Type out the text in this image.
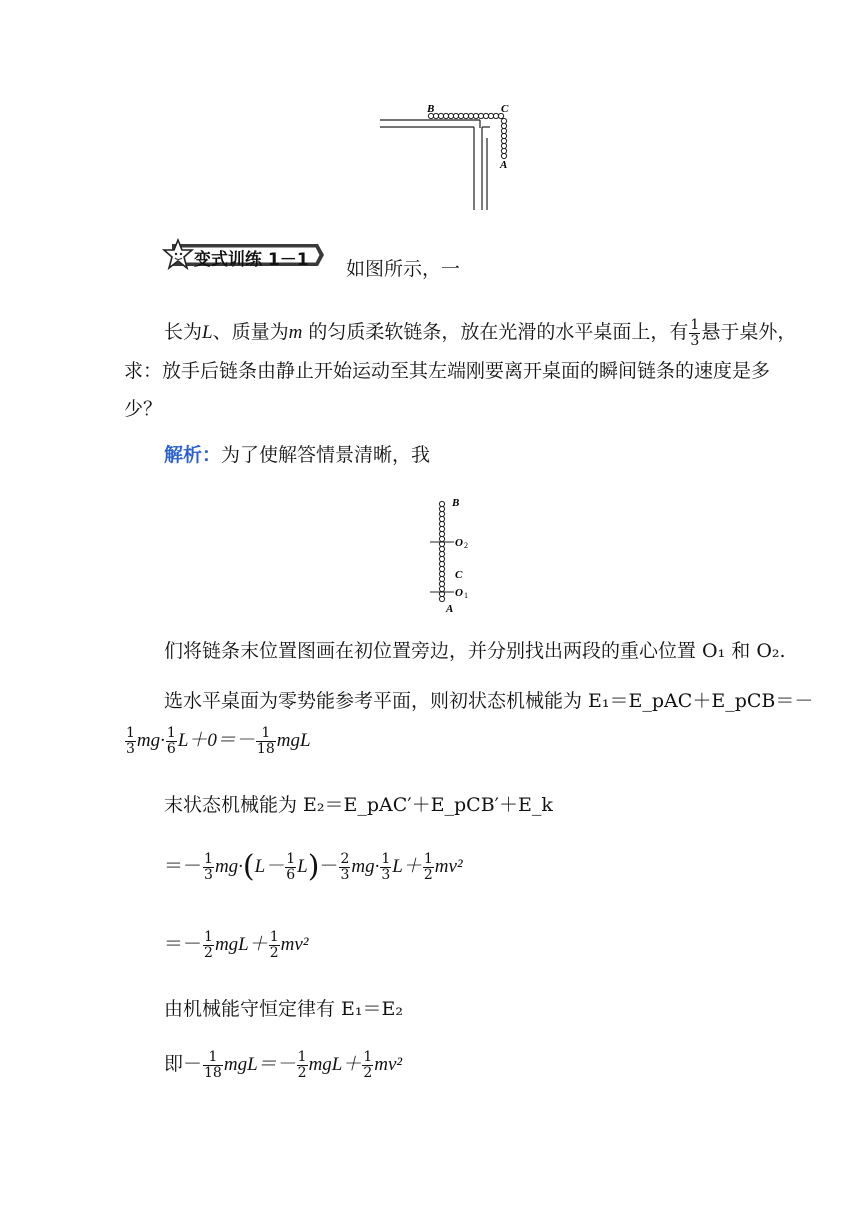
B	C
A
变式训练 1－1 如图所示，一
长为L、质量为m 的匀质柔软链条，放在光滑的水平桌面上，有 $\frac{1}{3}$ 悬于桌外，
求：放手后链条由静止开始运动至其左端刚要离开桌面的瞬间链条的速度是多
少？
解析：为了使解答情景清晰，我
B
O 2
C
O 1
A
们将链条末位置图画在初位置旁边，并分别找出两段的重心位置 O₁ 和 O₂.
选水平桌面为零势能参考平面，则初状态机械能为 E₁＝E_pAC＋E_pCB＝－
$\frac{1}{3} mg\cdot \frac{1}{6} L+0=- \frac{1}{18}$ mgL
末状态机械能为 E₂＝E_pAC′＋E_pCB′＋E_k
＝－ $\frac{1}{3} mg\cdot(L- \frac{1}{6} L)- \frac{2}{3} mg\cdot \frac{1}{3} L+ \frac{1}{2} mv^2$
＝－ $\frac{1}{2} mgL+ \frac{1}{2} mv^2$
由机械能守恒定律有 E₁＝E₂
即－ $\frac{1}{18} mgL=- \frac{1}{2} mgL+ \frac{1}{2} mv^2$
